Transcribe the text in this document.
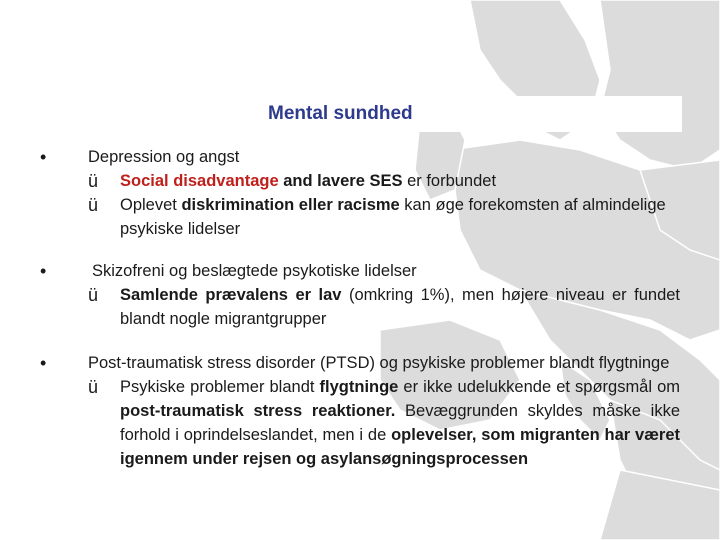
Mental sundhed
•	Depression og angst
ü	Social disadvantage and lavere SES er forbundet
ü	Oplevet diskrimination eller racisme kan øge forekomsten af almindelige psykiske lidelser
•	Skizofreni og beslægtede psykotiske lidelser
ü	Samlende prævalens er lav (omkring 1%), men højere niveau er fundet blandt nogle migrantgrupper
•	Post-traumatisk stress disorder (PTSD) og psykiske problemer blandt flygtninge
ü	Psykiske problemer blandt flygtninge er ikke udelukkende et spørgsmål om post-traumatisk stress reaktioner. Bevæggrunden skyldes måske ikke forhold i oprindelseslandet, men i de oplevelser, som migranten har været igennem under rejsen og asylansøgningsprocessen
